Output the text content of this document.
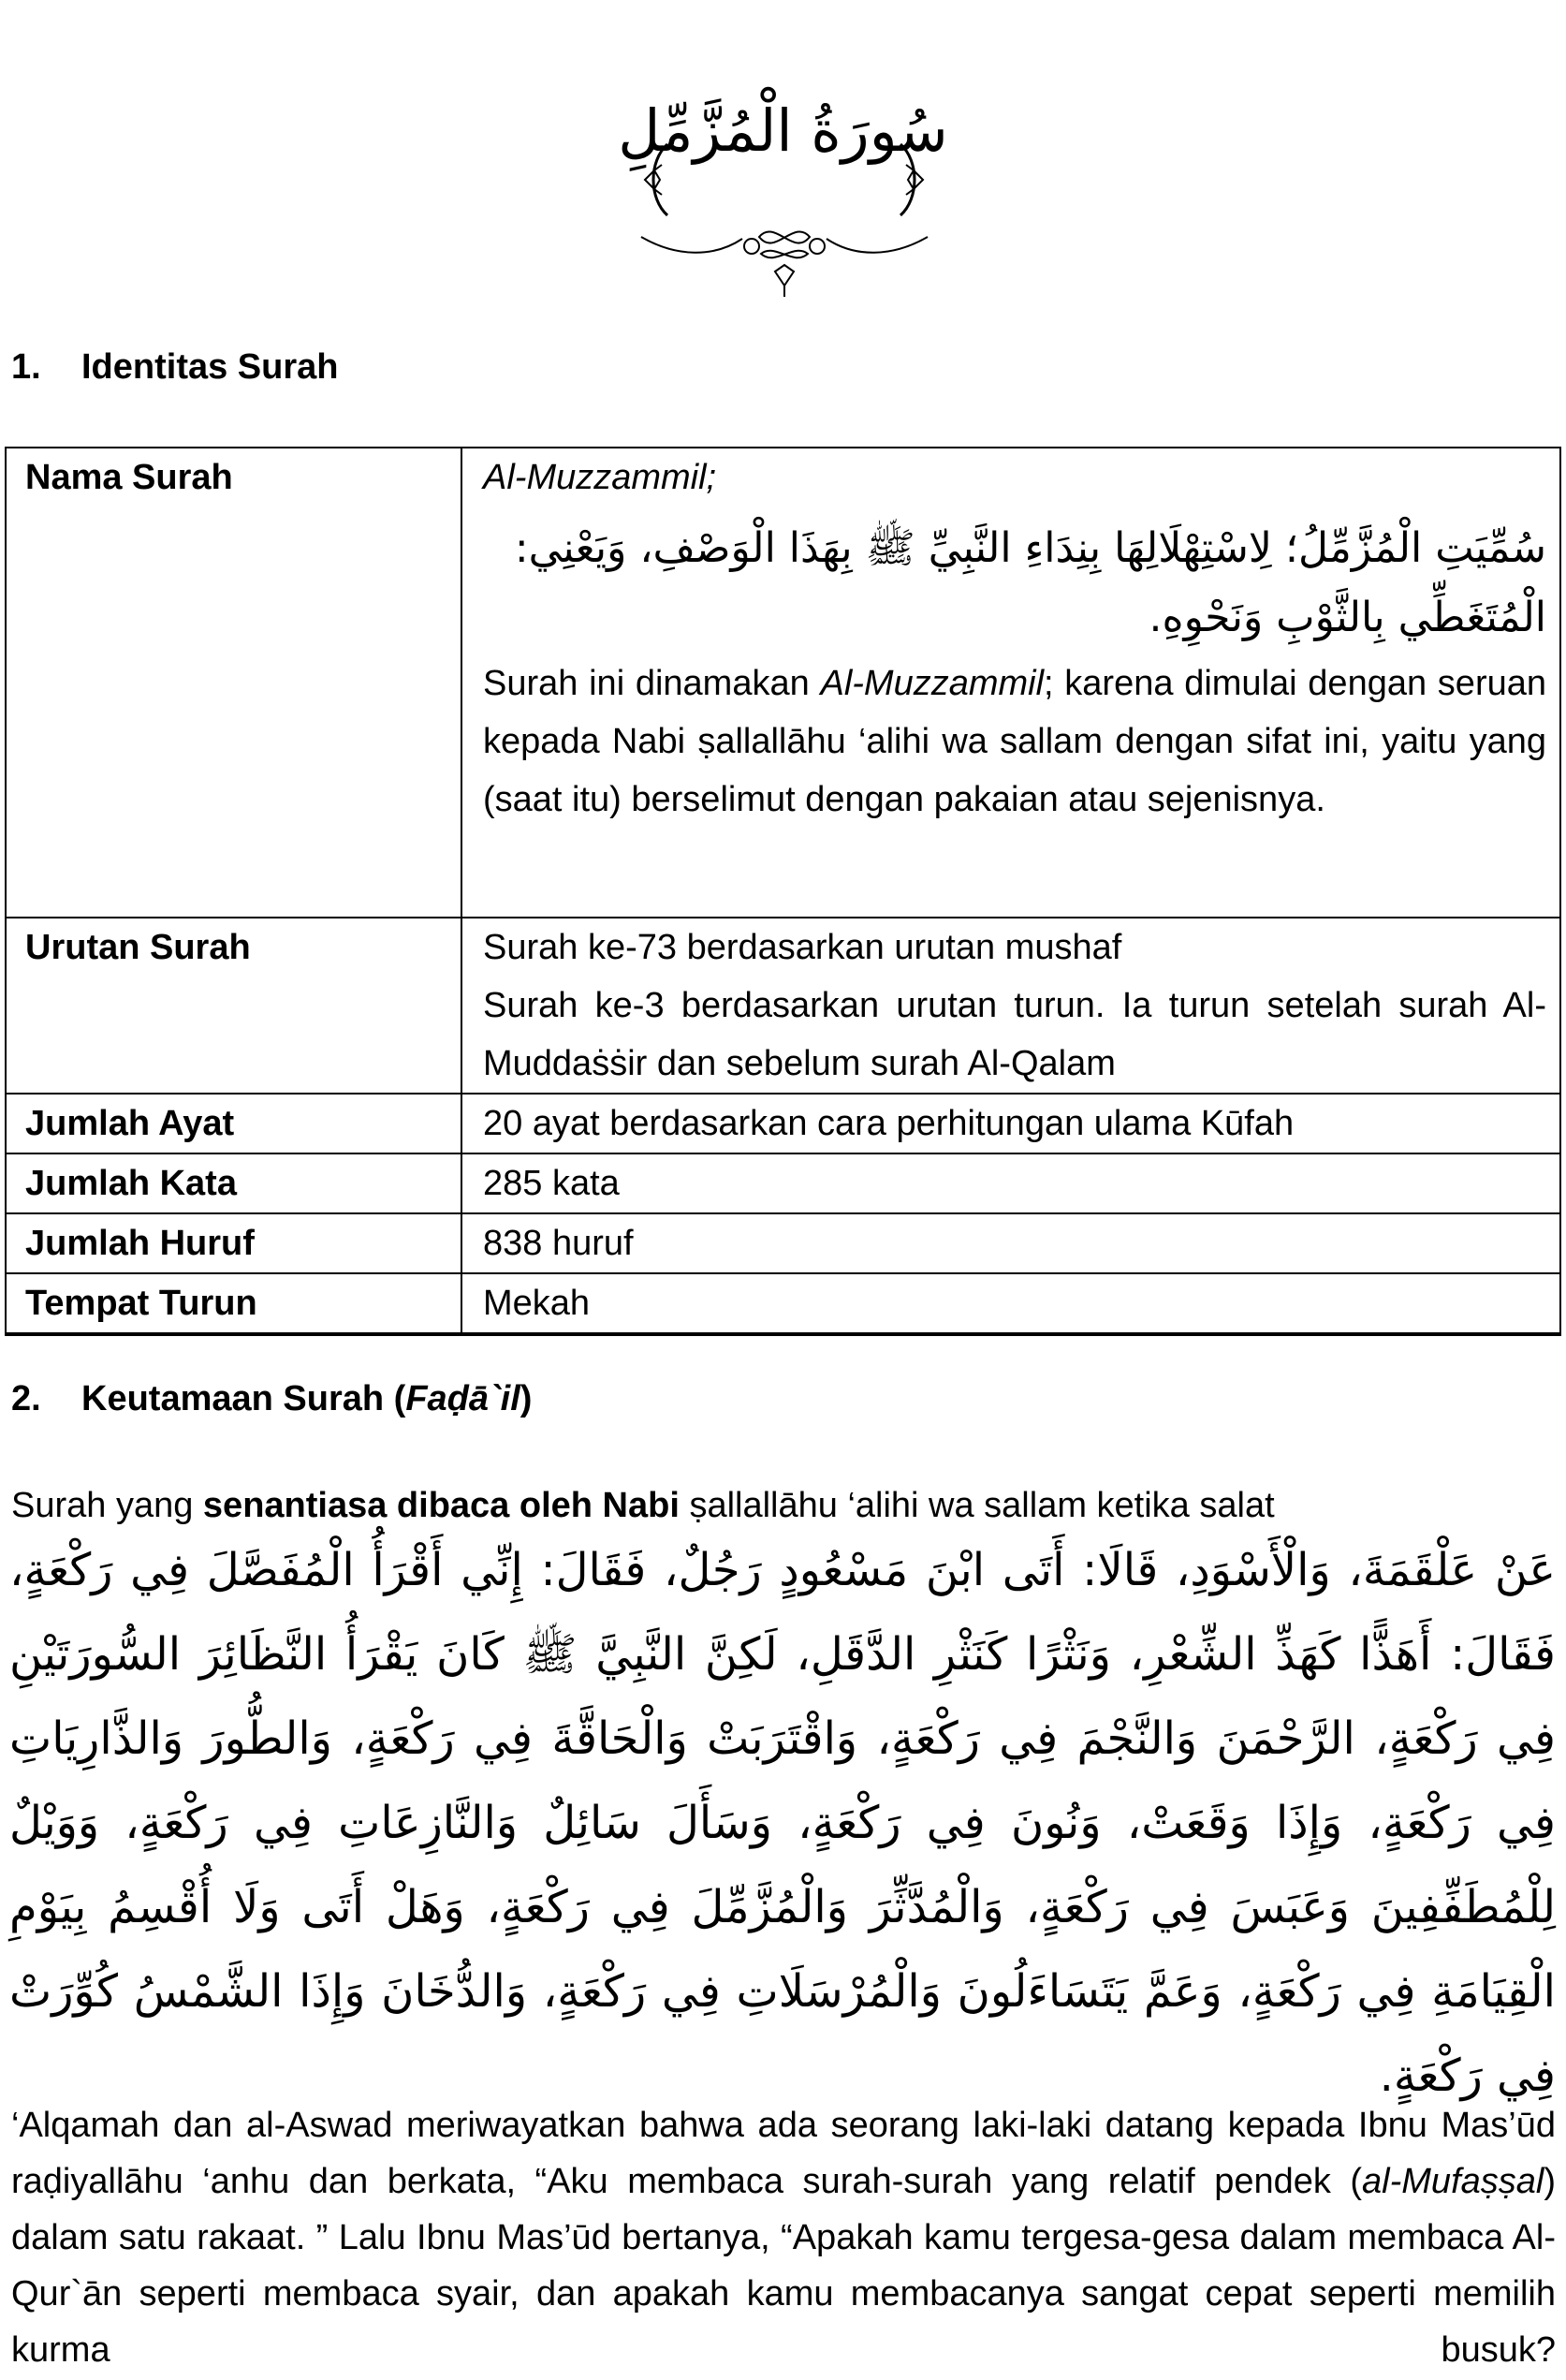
سُورَةُ الْمُزَّمِّلِ
1. Identitas Surah
Nama Surah	Al-Muzzammil;
سُمِّيَتِ الْمُزَّمِّلُ؛ لِاسْتِهْلَالِهَا بِنِدَاءِ النَّبِيِّ ﷺ بِهَذَا الْوَصْفِ، وَيَعْنِي: الْمُتَغَطِّي بِالثَّوْبِ وَنَحْوِهِ.
Surah ini dinamakan Al-Muzzammil; karena dimulai dengan seruan kepada Nabi ṣallallāhu ‘alihi wa sallam dengan sifat ini, yaitu yang (saat itu) berselimut dengan pakaian atau sejenisnya.

Urutan Surah	Surah ke-73 berdasarkan urutan mushaf
Surah ke-3 berdasarkan urutan turun. Ia turun setelah surah Al-Muddaṡṡir dan sebelum surah Al-Qalam

Jumlah Ayat	20 ayat berdasarkan cara perhitungan ulama Kūfah
Jumlah Kata	285 kata
Jumlah Huruf	838 huruf
Tempat Turun	Mekah
2. Keutamaan Surah (Faḍā`il)
Surah yang senantiasa dibaca oleh Nabi ṣallallāhu ‘alihi wa sallam ketika salat
عَنْ عَلْقَمَةَ، وَالْأَسْوَدِ، قَالَا: أَتَى ابْنَ مَسْعُودٍ رَجُلٌ، فَقَالَ: إِنِّي أَقْرَأُ الْمُفَصَّلَ فِي رَكْعَةٍ، فَقَالَ: أَهَذًّا كَهَذِّ الشِّعْرِ، وَنَثْرًا كَنَثْرِ الدَّقَلِ، لَكِنَّ النَّبِيَّ ﷺ كَانَ يَقْرَأُ النَّظَائِرَ السُّورَتَيْنِ فِي رَكْعَةٍ، الرَّحْمَنَ وَالنَّجْمَ فِي رَكْعَةٍ، وَاقْتَرَبَتْ وَالْحَاقَّةَ فِي رَكْعَةٍ، وَالطُّورَ وَالذَّارِيَاتِ فِي رَكْعَةٍ، وَإِذَا وَقَعَتْ، وَنُونَ فِي رَكْعَةٍ، وَسَأَلَ سَائِلٌ وَالنَّازِعَاتِ فِي رَكْعَةٍ، وَوَيْلٌ لِلْمُطَفِّفِينَ وَعَبَسَ فِي رَكْعَةٍ، وَالْمُدَّثِّرَ وَالْمُزَّمِّلَ فِي رَكْعَةٍ، وَهَلْ أَتَى وَلَا أُقْسِمُ بِيَوْمِ الْقِيَامَةِ فِي رَكْعَةٍ، وَعَمَّ يَتَسَاءَلُونَ وَالْمُرْسَلَاتِ فِي رَكْعَةٍ، وَالدُّخَانَ وَإِذَا الشَّمْسُ كُوِّرَتْ فِي رَكْعَةٍ.
‘Alqamah dan al-Aswad meriwayatkan bahwa ada seorang laki-laki datang kepada Ibnu Mas’ūd raḍiyallāhu ‘anhu dan berkata, “Aku membaca surah-surah yang relatif pendek (al-Mufaṣṣal) dalam satu rakaat. ” Lalu Ibnu Mas’ūd bertanya, “Apakah kamu tergesa-gesa dalam membaca Al-Qur`ān seperti membaca syair, dan apakah kamu membacanya sangat cepat seperti memilih kurma busuk?
